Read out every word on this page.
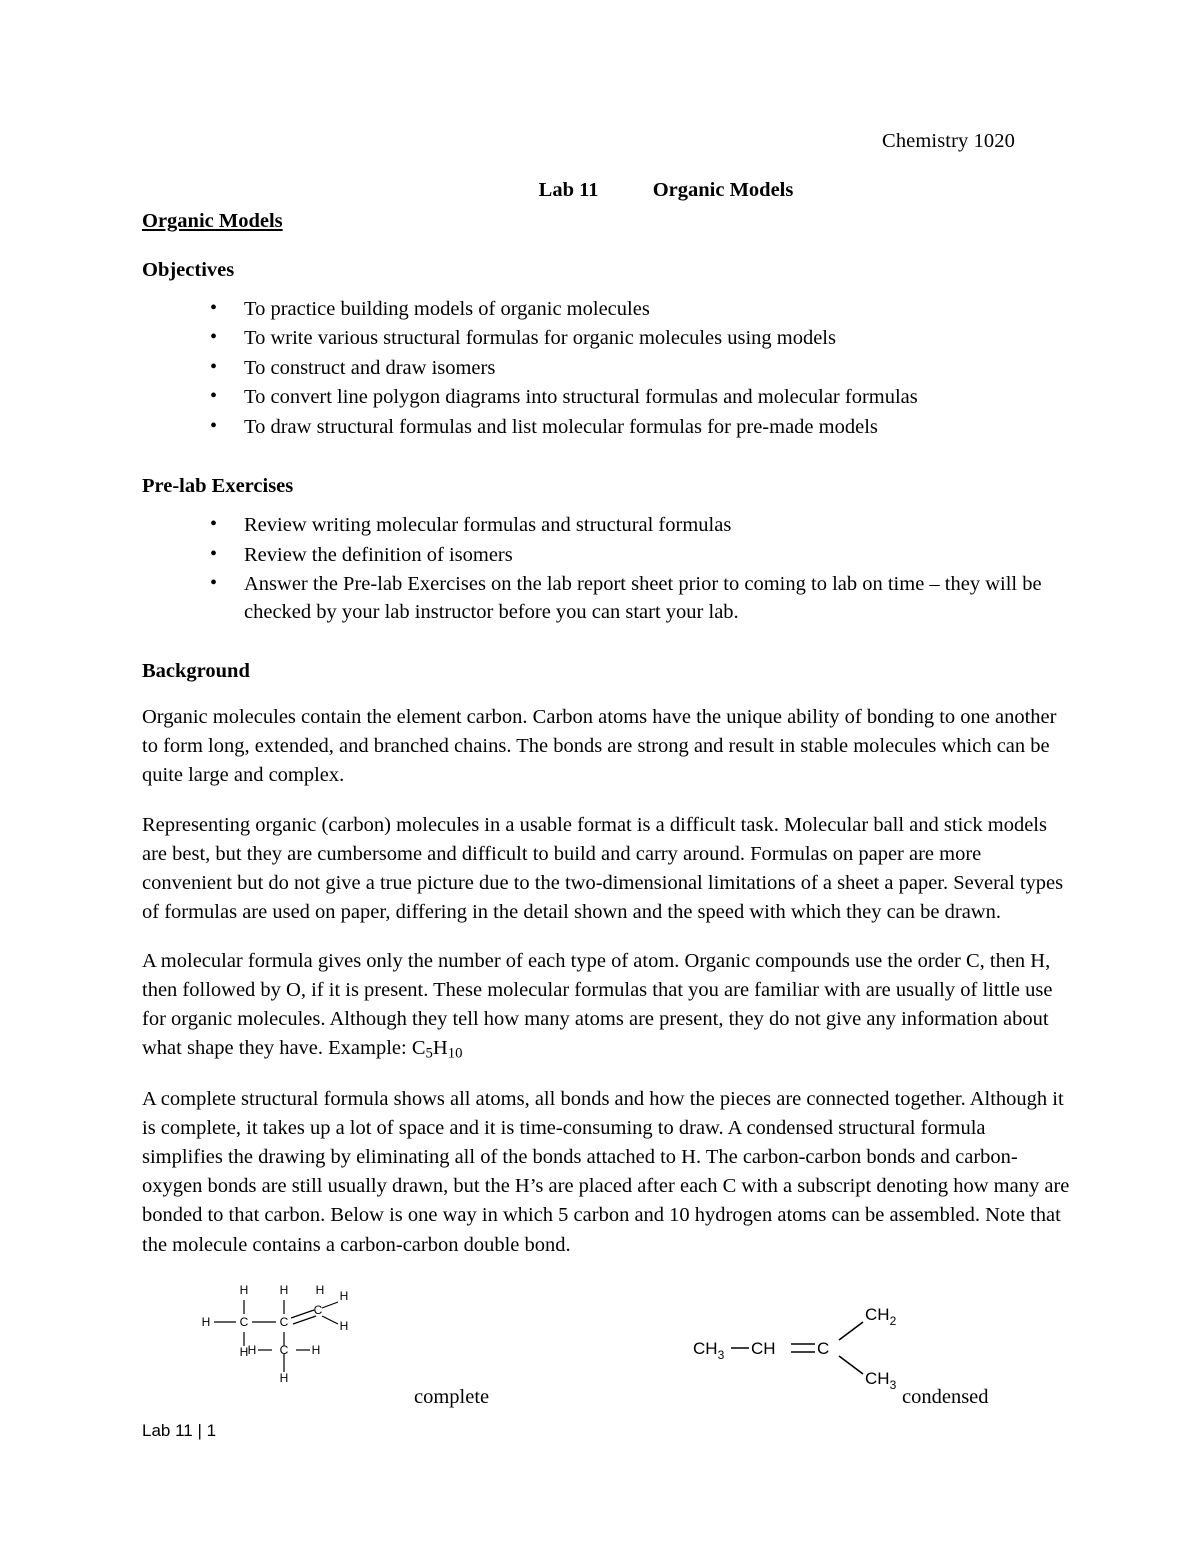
Chemistry 1020
Lab 11	Organic Models
Organic Models
Objectives
• To practice building models of organic molecules
• To write various structural formulas for organic molecules using models
• To construct and draw isomers
• To convert line polygon diagrams into structural formulas and molecular formulas
• To draw structural formulas and list molecular formulas for pre-made models
Pre-lab Exercises
• Review writing molecular formulas and structural formulas
• Review the definition of isomers
• Answer the Pre-lab Exercises on the lab report sheet prior to coming to lab on time – they will be checked by your lab instructor before you can start your lab.
Background

Organic molecules contain the element carbon. Carbon atoms have the unique ability of bonding to one another to form long, extended, and branched chains. The bonds are strong and result in stable molecules which can be quite large and complex.

Representing organic (carbon) molecules in a usable format is a difficult task. Molecular ball and stick models are best, but they are cumbersome and difficult to build and carry around. Formulas on paper are more convenient but do not give a true picture due to the two-dimensional limitations of a sheet a paper. Several types of formulas are used on paper, differing in the detail shown and the speed with which they can be drawn.

A molecular formula gives only the number of each type of atom. Organic compounds use the order C, then H, then followed by O, if it is present. These molecular formulas that you are familiar with are usually of little use for organic molecules. Although they tell how many atoms are present, they do not give any information about what shape they have. Example: $C_5H_{10}$

A complete structural formula shows all atoms, all bonds and how the pieces are connected together. Although it is complete, it takes up a lot of space and it is time-consuming to draw. A condensed structural formula simplifies the drawing by eliminating all of the bonds attached to H. The carbon-carbon bonds and carbon-oxygen bonds are still usually drawn, but the H’s are placed after each C with a subscript denoting how many are bonded to that carbon. Below is one way in which 5 carbon and 10 hydrogen atoms can be assembled. Note that the molecule contains a carbon-carbon double bond.

H	H H
H C	C
C
H
H
H	C
H	H
H
$CH_3$ CH C
$CH_2$
$CH_3$
complete	condensed
Lab 11 | 1
